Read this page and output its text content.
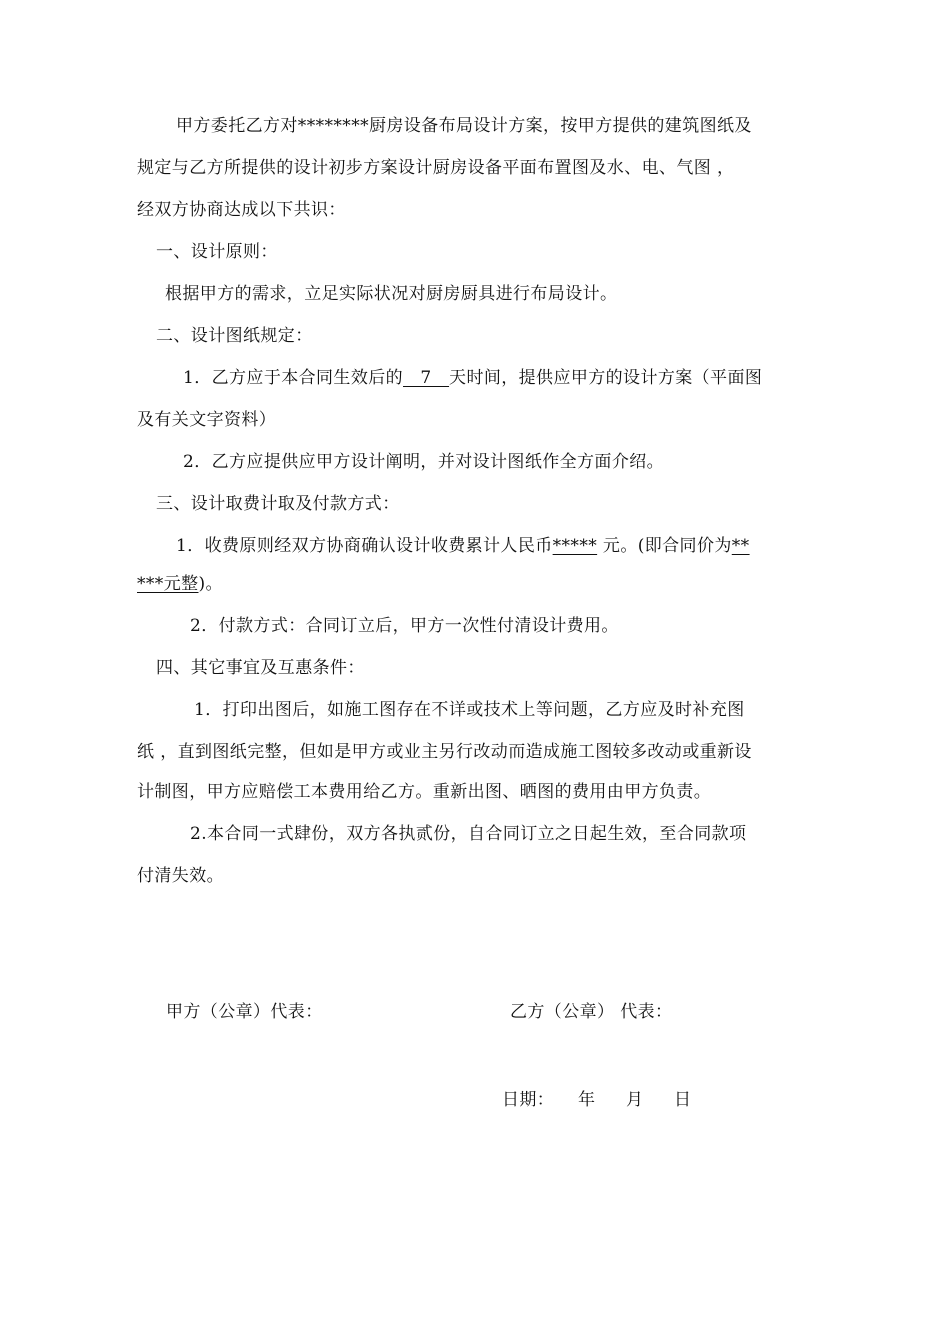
甲方委托乙方对********厨房设备布局设计方案，按甲方提供的建筑图纸及
规定与乙方所提供的设计初步方案设计厨房设备平面布置图及水、电、气图 ，
经双方协商达成以下共识：
一、设计原则：
根据甲方的需求，立足实际状况对厨房厨具进行布局设计。
二、设计图纸规定：
1．乙方应于本合同生效后的　7　天时间，提供应甲方的设计方案（平面图
及有关文字资料）
2．乙方应提供应甲方设计阐明，并对设计图纸作全方面介绍。
三、设计取费计取及付款方式：
1．收费原则经双方协商确认设计收费累计人民币***** 元。(即合同价为**
***元整)。
2．付款方式：合同订立后，甲方一次性付清设计费用。
四、其它事宜及互惠条件：
1．打印出图后，如施工图存在不详或技术上等问题，乙方应及时补充图
纸 ，直到图纸完整，但如是甲方或业主另行改动而造成施工图较多改动或重新设
计制图，甲方应赔偿工本费用给乙方。重新出图、晒图的费用由甲方负责。
2.本合同一式肆份，双方各执贰份，自合同订立之日起生效，至合同款项
付清失效。
甲方（公章）代表：	乙方（公章） 代表：
日期： 年 月 日
